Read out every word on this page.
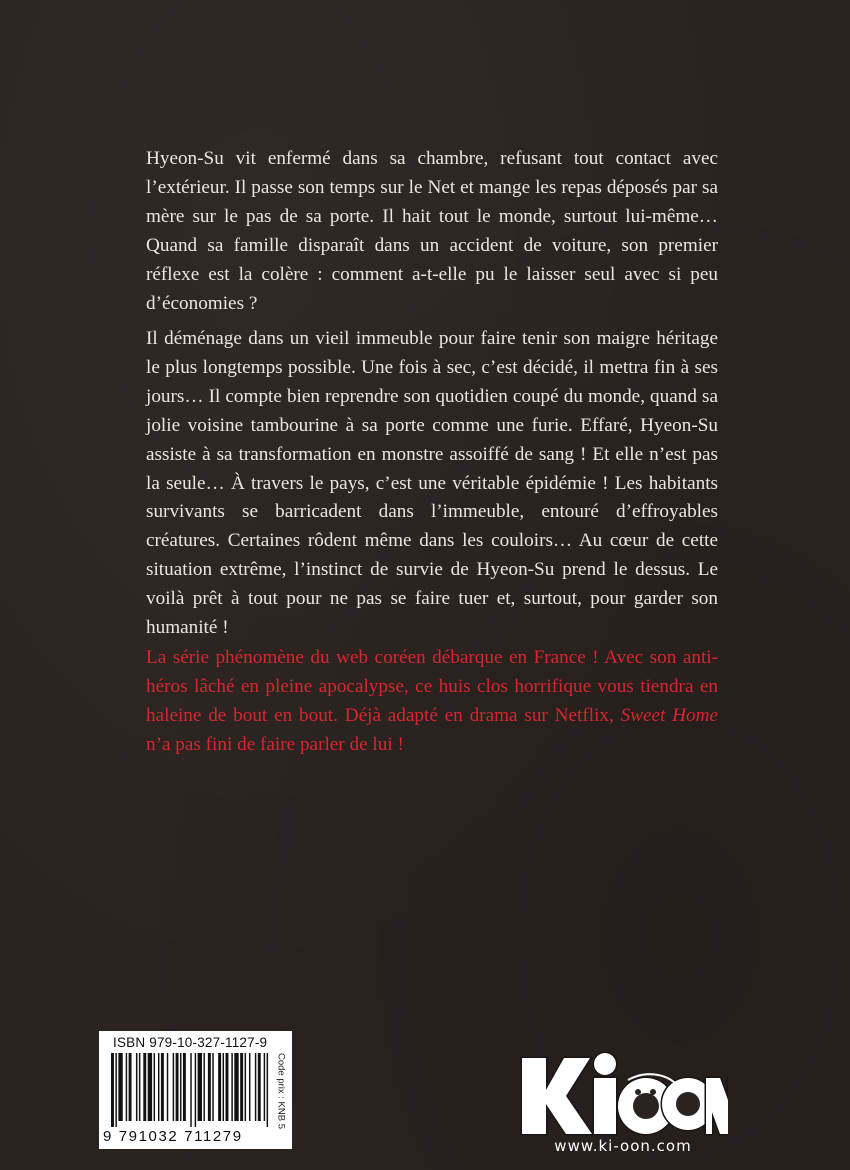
Hyeon-Su vit enfermé dans sa chambre, refusant tout contact avec l’extérieur. Il passe son temps sur le Net et mange les repas déposés par sa mère sur le pas de sa porte. Il hait tout le monde, surtout lui-même… Quand sa famille disparaît dans un accident de voiture, son premier réflexe est la colère : comment a-t-elle pu le laisser seul avec si peu d’économies ?

Il déménage dans un vieil immeuble pour faire tenir son maigre héritage le plus longtemps possible. Une fois à sec, c’est décidé, il mettra fin à ses jours… Il compte bien reprendre son quotidien coupé du monde, quand sa jolie voisine tambourine à sa porte comme une furie. Effaré, Hyeon-Su assiste à sa transformation en monstre assoiffé de sang ! Et elle n’est pas la seule… À travers le pays, c’est une véritable épidémie ! Les habitants survivants se barricadent dans l’immeuble, entouré d’effroyables créatures. Certaines rôdent même dans les couloirs… Au cœur de cette situation extrême, l’instinct de survie de Hyeon-Su prend le dessus. Le voilà prêt à tout pour ne pas se faire tuer et, surtout, pour garder son humanité !

La série phénomène du web coréen débarque en France ! Avec son anti-héros lâché en pleine apocalypse, ce huis clos horrifique vous tiendra en haleine de bout en bout. Déjà adapté en drama sur Netflix, Sweet Home n’a pas fini de faire parler de lui !

ISBN 979-10-327-1127-9
9 791032 711279
Code prix : KNB 5
www.ki-oon.com
